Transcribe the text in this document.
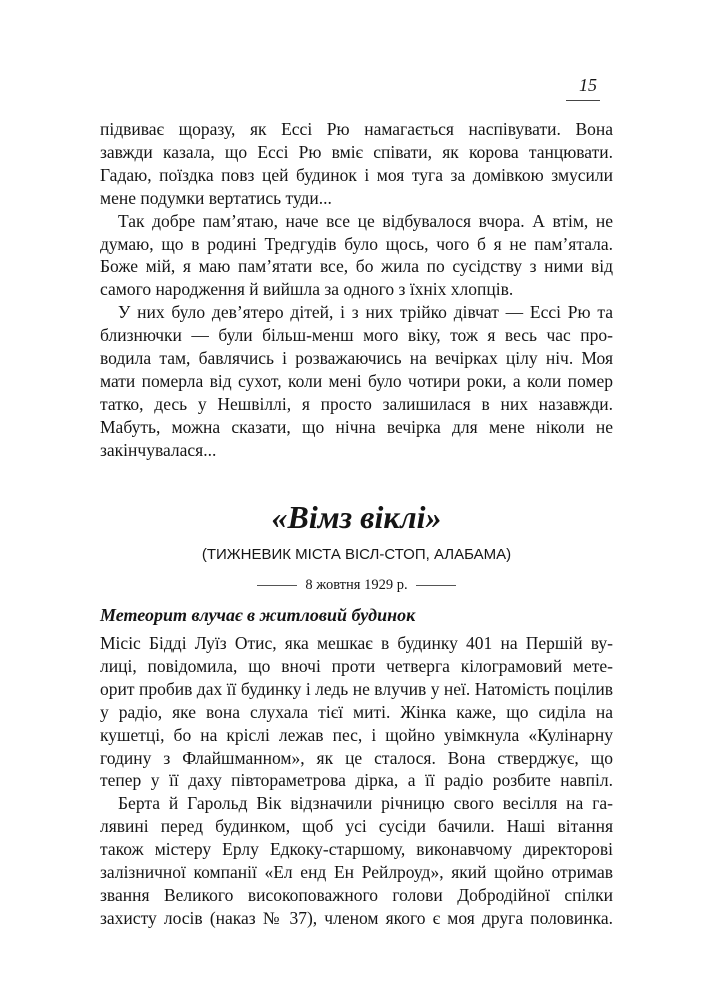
15
підвиває щоразу, як Ессі Рю намагається наспівувати. Вона
завжди казала, що Ессі Рю вміє співати, як корова танцювати.
Гадаю, поїздка повз цей будинок і моя туга за домівкою змусили
мене подумки вертатись туди...
Так добре пам’ятаю, наче все це відбувалося вчора. А втім, не
думаю, що в родині Тредгудів було щось, чого б я не пам’ятала.
Боже мій, я маю пам’ятати все, бо жила по сусідству з ними від
самого народження й вийшла за одного з їхніх хлопців.
У них було дев’ятеро дітей, і з них трійко дівчат — Ессі Рю та
близнючки — були більш-менш мого віку, тож я весь час про-
водила там, бавлячись і розважаючись на вечірках цілу ніч. Моя
мати померла від сухот, коли мені було чотири роки, а коли помер
татко, десь у Нешвіллі, я просто залишилася в них назавжди.
Мабуть, можна сказати, що нічна вечірка для мене ніколи не
закінчувалася...
«Вімз віклі»
(ТИЖНЕВИК МІСТА ВІСЛ-СТОП, АЛАБАМА)
8 жовтня 1929 р.
Метеорит влучає в житловий будинок
Місіс Бідді Луїз Отис, яка мешкає в будинку 401 на Першій ву-
лиці, повідомила, що вночі проти четверга кілограмовий мете-
орит пробив дах її будинку і ледь не влучив у неї. Натомість поцілив
у радіо, яке вона слухала тієї миті. Жінка каже, що сиділа на
кушетці, бо на кріслі лежав пес, і щойно увімкнула «Кулінарну
годину з Флайшманном», як це сталося. Вона стверджує, що
тепер у її даху півтораметрова дірка, а її радіо розбите навпіл.
Берта й Гарольд Вік відзначили річницю свого весілля на га-
лявині перед будинком, щоб усі сусіди бачили. Наші вітання
також містеру Ерлу Едкоку-старшому, виконавчому директорові
залізничної компанії «Ел енд Ен Рейлроуд», який щойно отримав
звання Великого високоповажного голови Добродійної спілки
захисту лосів (наказ № 37), членом якого є моя друга половинка.
